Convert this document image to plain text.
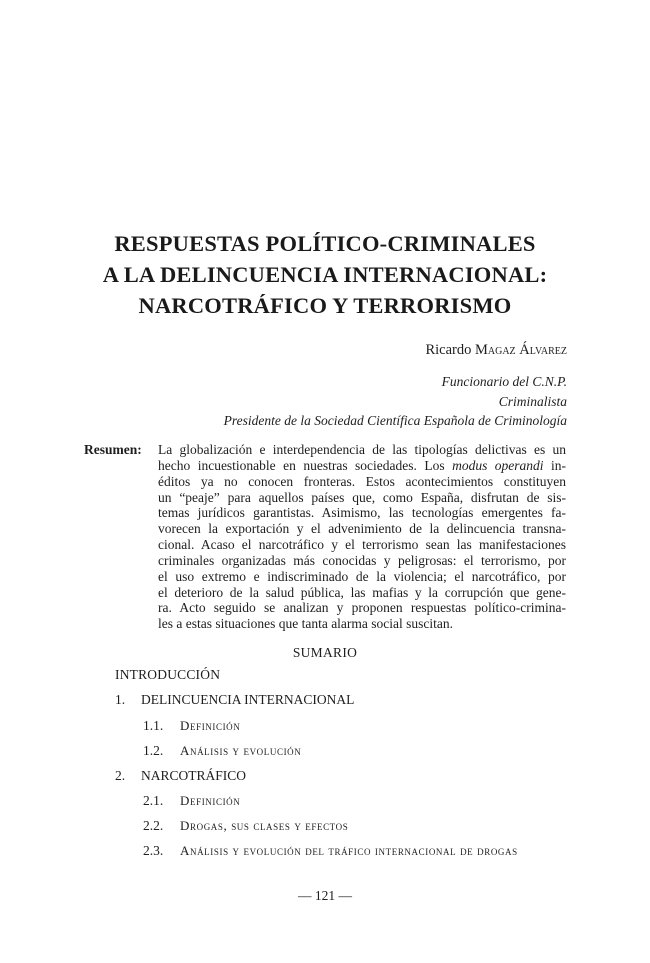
RESPUESTAS POLÍTICO-CRIMINALES
A LA DELINCUENCIA INTERNACIONAL:
NARCOTRÁFICO Y TERRORISMO
Ricardo Magaz Álvarez
Funcionario del C.N.P.
Criminalista
Presidente de la Sociedad Científica Española de Criminología
Resumen: La globalización e interdependencia de las tipologías delictivas es un
hecho incuestionable en nuestras sociedades. Los modus operandi in-
éditos ya no conocen fronteras. Estos acontecimientos constituyen
un “peaje” para aquellos países que, como España, disfrutan de sis-
temas jurídicos garantistas. Asimismo, las tecnologías emergentes fa-
vorecen la exportación y el advenimiento de la delincuencia transna-
cional. Acaso el narcotráfico y el terrorismo sean las manifestaciones
criminales organizadas más conocidas y peligrosas: el terrorismo, por
el uso extremo e indiscriminado de la violencia; el narcotráfico, por
el deterioro de la salud pública, las mafias y la corrupción que gene-
ra. Acto seguido se analizan y proponen respuestas político-crimina-
les a estas situaciones que tanta alarma social suscitan.
SUMARIO
INTRODUCCIÓN
1. DELINCUENCIA INTERNACIONAL
1.1. Definición
1.2. Análisis y evolución
2. NARCOTRÁFICO
2.1. Definición
2.2. Drogas, sus clases y efectos
2.3. Análisis y evolución del tráfico internacional de drogas
— 121 —
